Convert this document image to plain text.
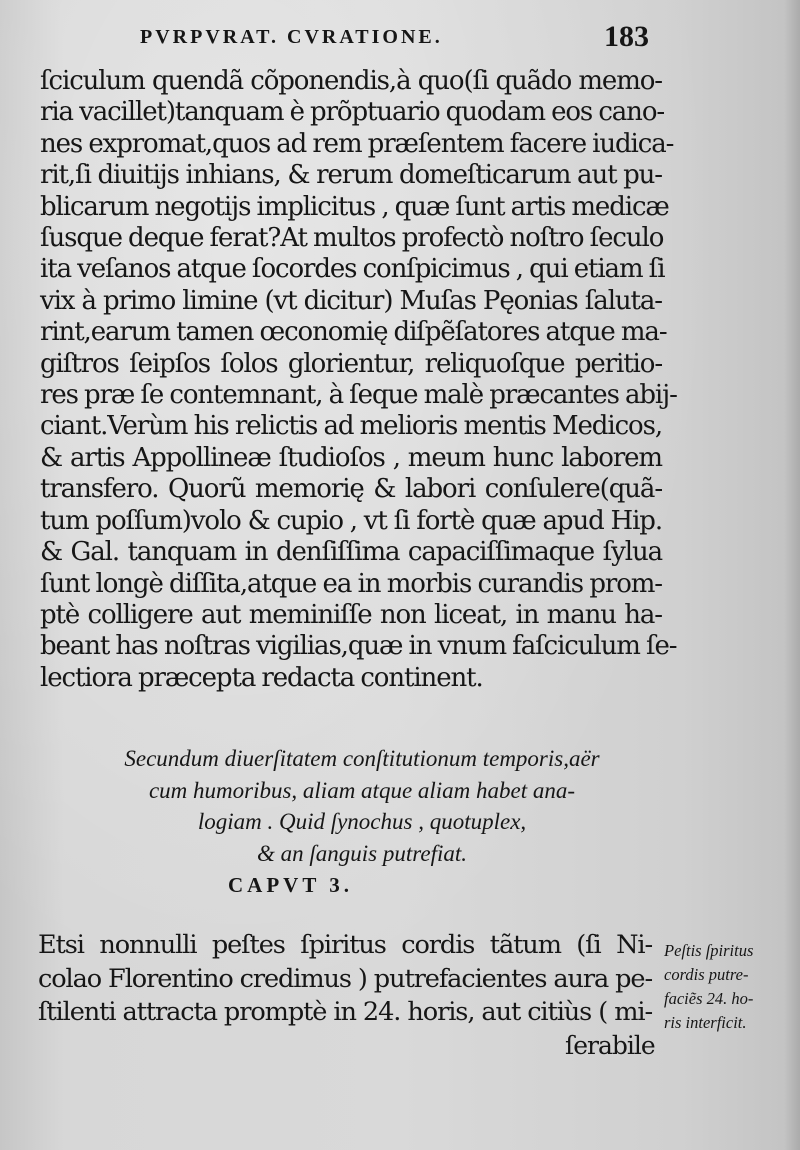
PVRPVRAT. CVRATIONE.	183
ſciculum quendã cõponendis,à quo(ſi quãdo memo-
ria vacillet)tanquam è prõptuario quodam eos cano-
nes expromat,quos ad rem præſentem facere iudica-
rit,ſi diuitijs inhians, & rerum domeſticarum aut pu-
blicarum negotijs implicitus , quæ ſunt artis medicæ
ſusque deque ferat?At multos profectò noſtro ſeculo
ita veſanos atque ſocordes conſpicimus , qui etiam ſi
vix à primo limine (vt dicitur) Muſas Pęonias ſaluta-
rint,earum tamen œconomię diſpẽſatores atque ma-
giſtros ſeipſos ſolos glorientur, reliquoſque peritio-
res præ ſe contemnant, à ſeque malè præcantes abij-
ciant.Verùm his relictis ad melioris mentis Medicos,
& artis Appollineæ ſtudioſos , meum hunc laborem
transfero. Quorũ memorię & labori conſulere(quã-
tum poſſum)volo & cupio , vt ſi fortè quæ apud Hip.
& Gal. tanquam in denſiſſima capaciſſimaque ſylua
ſunt longè diſſita,atque ea in morbis curandis prom-
ptè colligere aut meminiſſe non liceat, in manu ha-
beant has noſtras vigilias,quæ in vnum faſciculum ſe-
lectiora præcepta redacta continent.
Secundum diuerſitatem conſtitutionum temporis,aër
cum humoribus, aliam atque aliam habet ana-
logiam . Quid ſynochus , quotuplex,
& an ſanguis putrefiat.
CAPVT 3.
Etsi nonnulli peſtes ſpiritus cordis tãtum (ſi Ni-
colao Florentino credimus ) putrefacientes aura pe-
ſtilenti attracta promptè in 24. horis, aut citiùs ( mi-
ſerabile
Peſtis ſpiritus
cordis putre-
faciẽs 24. ho-
ris interficit.
